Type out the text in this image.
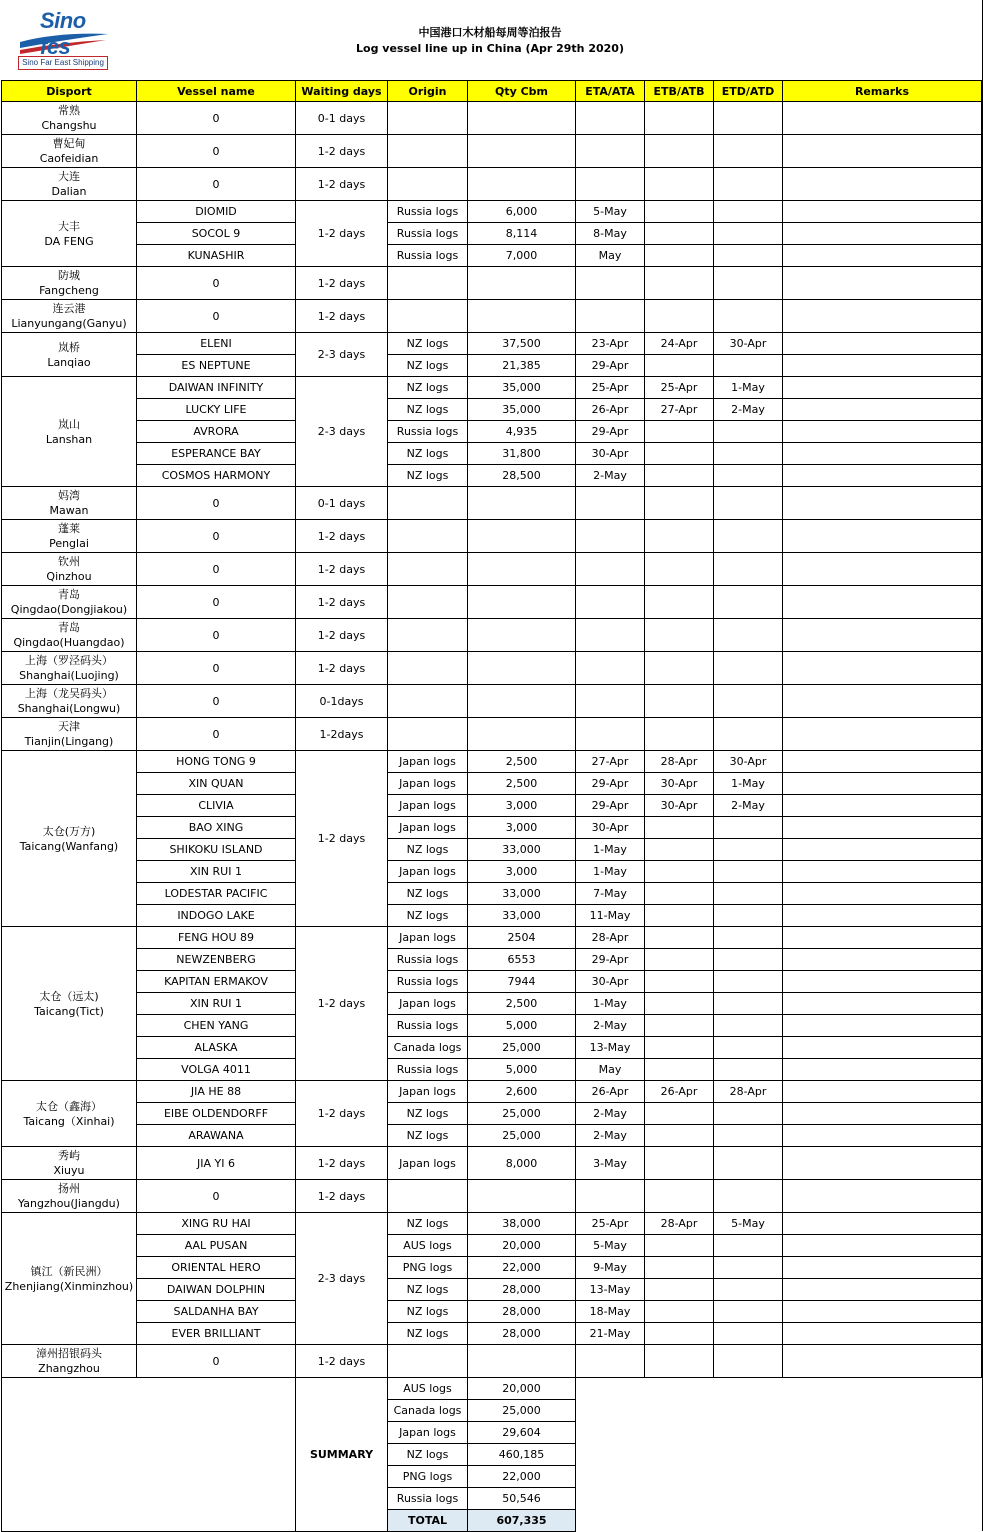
Sino fes
Sino Far East Shipping
中国港口木材船每周等泊报告
Log vessel line up in China (Apr 29th 2020)
Disport	Vessel name	Waiting days	Origin	Qty Cbm	ETA/ATA	ETB/ATB	ETD/ATD	Remarks

常熟
Changshu	0	0-1 days						

曹妃甸
Caofeidian	0	1-2 days						

大连
Dalian	0	1-2 days						

大丰
DA FENG	DIOMID	1-2 days	Russia logs	6,000	5-May			
	SOCOL 9		Russia logs	8,114	8-May			
	KUNASHIR		Russia logs	7,000	May			

防城
Fangcheng	0	1-2 days						

连云港
Lianyungang(Ganyu)	0	1-2 days						

岚桥
Lanqiao	ELENI	2-3 days	NZ logs	37,500	23-Apr	24-Apr	30-Apr	
	ES NEPTUNE		NZ logs	21,385	29-Apr			

岚山
Lanshan	DAIWAN INFINITY	2-3 days	NZ logs	35,000	25-Apr	25-Apr	1-May	
	LUCKY LIFE		NZ logs	35,000	26-Apr	27-Apr	2-May	
	AVRORA		Russia logs	4,935	29-Apr			
	ESPERANCE BAY		NZ logs	31,800	30-Apr			
	COSMOS HARMONY		NZ logs	28,500	2-May			

妈湾
Mawan	0	0-1 days						

蓬莱
Penglai	0	1-2 days						

钦州
Qinzhou	0	1-2 days						

青岛
Qingdao(Dongjiakou)	0	1-2 days						

青岛
Qingdao(Huangdao)	0	1-2 days						

上海（罗泾码头）
Shanghai(Luojing)	0	1-2 days						

上海（龙吴码头）
Shanghai(Longwu)	0	0-1days						

天津
Tianjin(Lingang)	0	1-2days						

太仓(万方)
Taicang(Wanfang)	HONG TONG 9	1-2 days	Japan logs	2,500	27-Apr	28-Apr	30-Apr	
	XIN QUAN		Japan logs	2,500	29-Apr	30-Apr	1-May	
	CLIVIA		Japan logs	3,000	29-Apr	30-Apr	2-May	
	BAO XING		Japan logs	3,000	30-Apr			
	SHIKOKU ISLAND		NZ logs	33,000	1-May			
	XIN RUI 1		Japan logs	3,000	1-May			
	LODESTAR PACIFIC		NZ logs	33,000	7-May			
	INDOGO LAKE		NZ logs	33,000	11-May			

太仓（远太)
Taicang(Tict)	FENG HOU 89	1-2 days	Japan logs	2504	28-Apr			
	NEWZENBERG		Russia logs	6553	29-Apr			
	KAPITAN ERMAKOV		Russia logs	7944	30-Apr			
	XIN RUI 1		Japan logs	2,500	1-May			
	CHEN YANG		Russia logs	5,000	2-May			
	ALASKA		Canada logs	25,000	13-May			
	VOLGA 4011		Russia logs	5,000	May			

太仓（鑫海）
Taicang（Xinhai)	JIA HE 88	1-2 days	Japan logs	2,600	26-Apr	26-Apr	28-Apr	
	EIBE OLDENDORFF		NZ logs	25,000	2-May			
	ARAWANA		NZ logs	25,000	2-May			

秀屿
Xiuyu	JIA YI 6	1-2 days	Japan logs	8,000	3-May			

扬州
Yangzhou(Jiangdu)	0	1-2 days						

镇江（新民洲）
Zhenjiang(Xinminzhou)	XING RU HAI	2-3 days	NZ logs	38,000	25-Apr	28-Apr	5-May	
	AAL PUSAN		AUS logs	20,000	5-May			
	ORIENTAL HERO		PNG logs	22,000	9-May			
	DAIWAN DOLPHIN		NZ logs	28,000	13-May			
	SALDANHA BAY		NZ logs	28,000	18-May			
	EVER BRILLIANT		NZ logs	28,000	21-May			

漳州招银码头
Zhangzhou	0	1-2 days						
		SUMMARY	AUS logs	20,000				
			Canada logs	25,000				
			Japan logs	29,604				
			NZ logs	460,185				
			PNG logs	22,000				
			Russia logs	50,546				
			TOTAL	607,335				
